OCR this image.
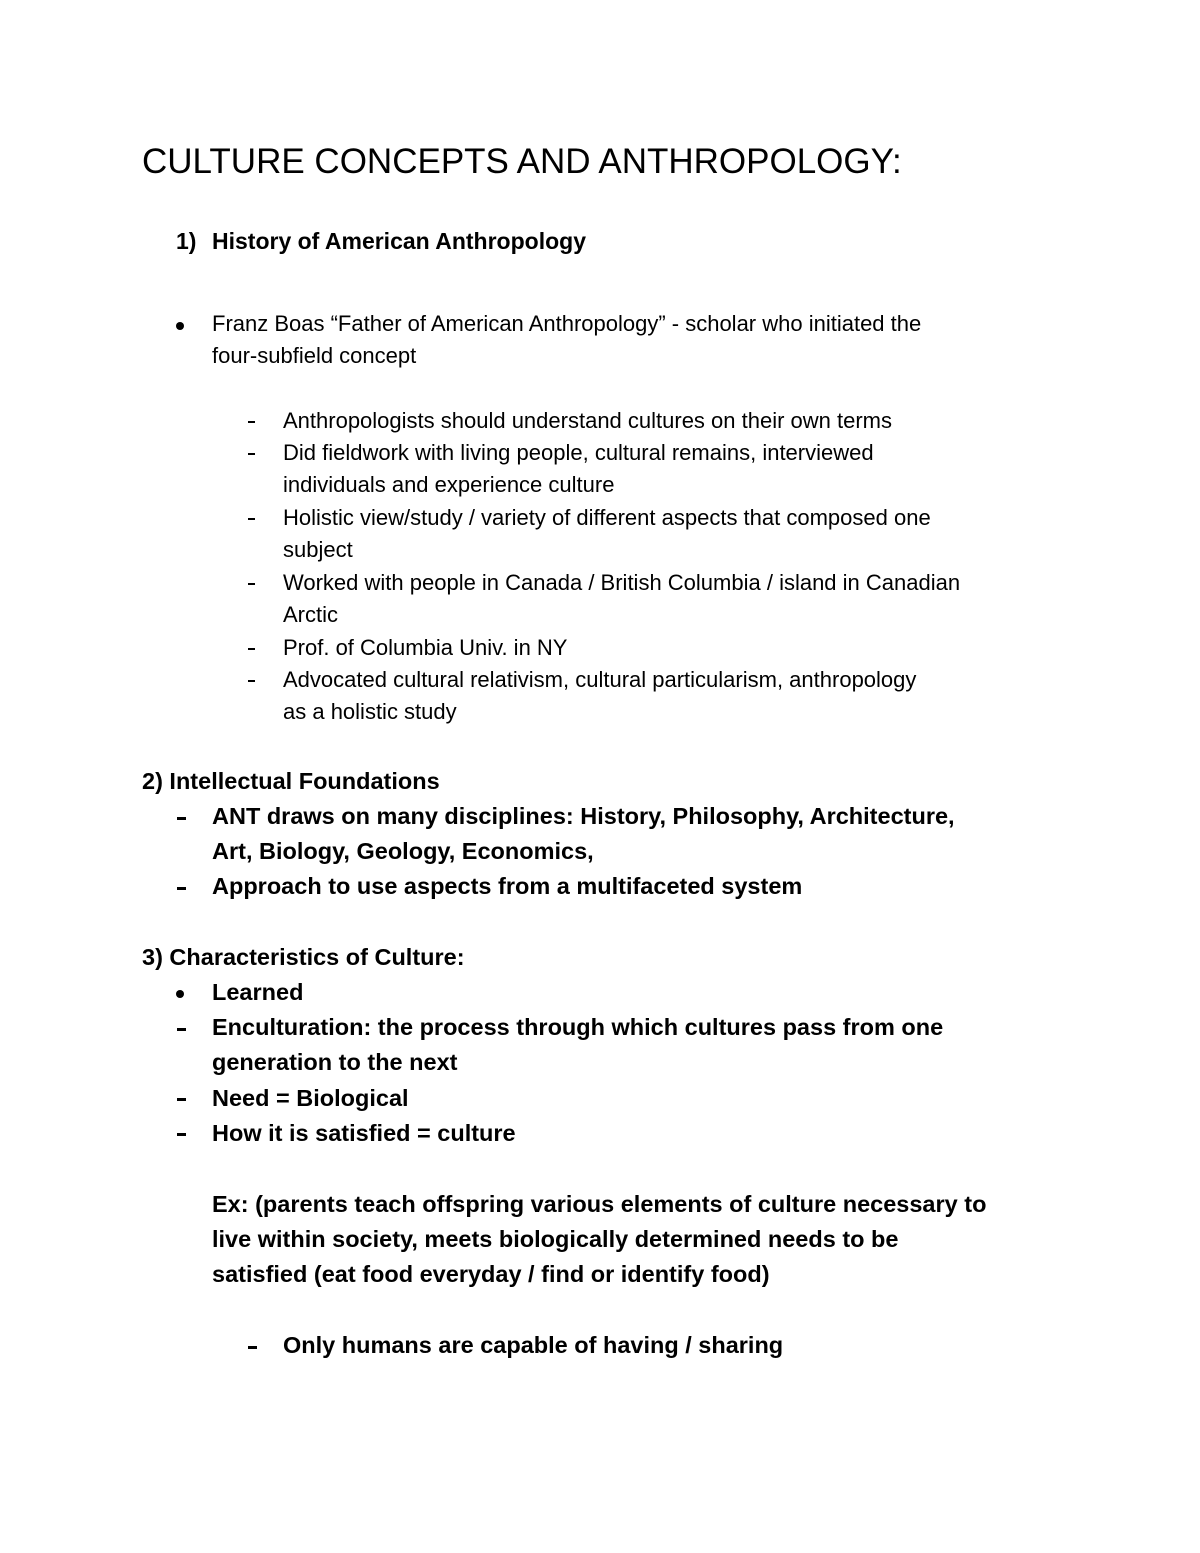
CULTURE CONCEPTS AND ANTHROPOLOGY:
1) History of American Anthropology
Franz Boas “Father of American Anthropology” - scholar who initiated the
four-subfield concept
Anthropologists should understand cultures on their own terms
Did fieldwork with living people, cultural remains, interviewed
individuals and experience culture
Holistic view/study / variety of different aspects that composed one
subject
Worked with people in Canada / British Columbia / island in Canadian
Arctic
Prof. of Columbia Univ. in NY
Advocated cultural relativism, cultural particularism, anthropology
as a holistic study
2) Intellectual Foundations
ANT draws on many disciplines: History, Philosophy, Architecture,
Art, Biology, Geology, Economics,
Approach to use aspects from a multifaceted system
3) Characteristics of Culture:
Learned
Enculturation: the process through which cultures pass from one
generation to the next
Need = Biological
How it is satisfied = culture
Ex: (parents teach offspring various elements of culture necessary to
live within society, meets biologically determined needs to be
satisfied (eat food everyday / find or identify food)
Only humans are capable of having / sharing
